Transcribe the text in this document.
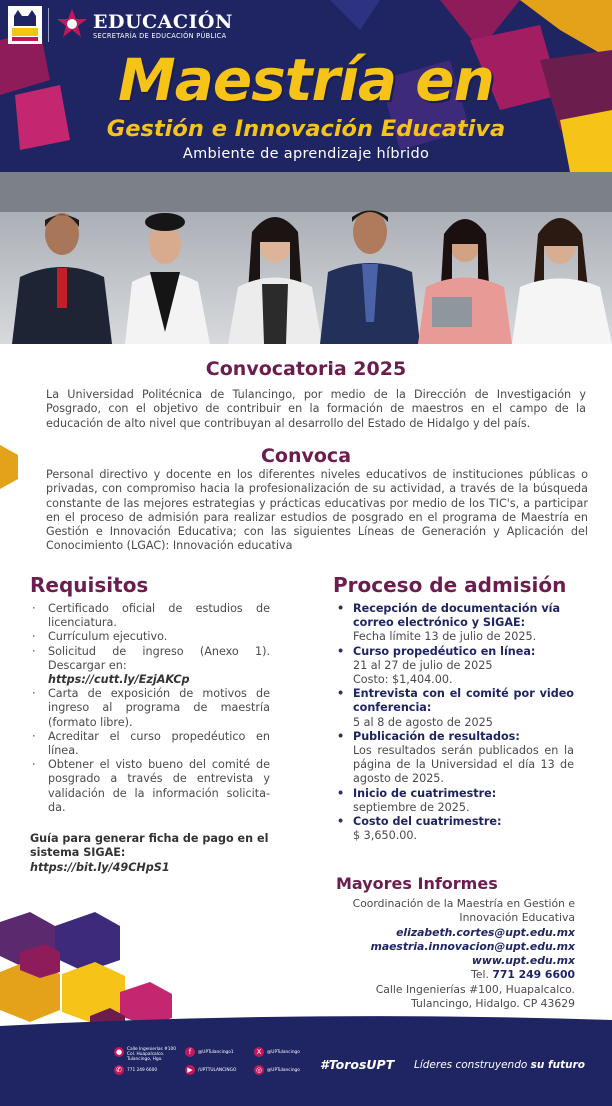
EDUCACIÓN
SECRETARÍA DE EDUCACIÓN PÚBLICA
Maestría en
Gestión e Innovación Educativa
Ambiente de aprendizaje híbrido
Convocatoria 2025
La Universidad Politécnica de Tulancingo, por medio de la Dirección de Investigación y Posgrado, con el objetivo de contribuir en la formación de maestros en el campo de la educación de alto nivel que contribuyan al desarrollo del Estado de Hidalgo y del país.
Convoca
Personal directivo y docente en los diferentes niveles educativos de instituciones públicas o privadas, con compromiso hacia la profesionalización de su actividad, a través de la búsqueda constante de las mejores estrategias y prácticas educativas por medio de los TIC's, a participar en el proceso de admisión para realizar estudios de posgrado en el programa de Maestría en Gestión e Innovación Educativa; con las siguientes Líneas de Generación y Aplicación del Conocimiento (LGAC): Innovación educativa
Requisitos
· Certificado oficial de estudios de licenciatura.
· Currículum ejecutivo.
· Solicitud de ingreso (Anexo 1). Descargar en:
https://cutt.ly/EzjAKCp
· Carta de exposición de motivos de ingreso al programa de maestría (formato libre).
· Acreditar el curso propedéutico en línea.
· Obtener el visto bueno del comité de posgrado a través de entrevista y validación de la información solicita-da.
Guía para generar ficha de pago en el sistema SIGAE:
https://bit.ly/49CHpS1
Proceso de admisión
• Recepción de documentación vía correo electrónico y SIGAE:
Fecha límite 13 de julio de 2025.
• Curso propedéutico en línea:
21 al 27 de julio de 2025
Costo: $1,404.00.
• Entrevista con el comité por video conferencia:
5 al 8 de agosto de 2025
• Publicación de resultados:
Los resultados serán publicados en la página de la Universidad el día 13 de agosto de 2025.
• Inicio de cuatrimestre:
septiembre de 2025.
• Costo del cuatrimestre:
$ 3,650.00.
Mayores Informes
Coordinación de la Maestría en Gestión e Innovación Educativa
elizabeth.cortes@upt.edu.mx
maestria.innovacion@upt.edu.mx
www.upt.edu.mx
Tel. 771 249 6600
Calle Ingenierías #100, Huapalcalco. Tulancingo, Hidalgo. CP 43629
●	Calle Ingenierías #100 Col. Huapalcalco. Tulancingo, Hgo.
✆	771 249 6600
f	@UPTulancingo1
▶	/UPTTULANCINGO
X	@UPTulancingo
◎	@UPTulancingo #TorosUPT Líderes construyendo su futuro
